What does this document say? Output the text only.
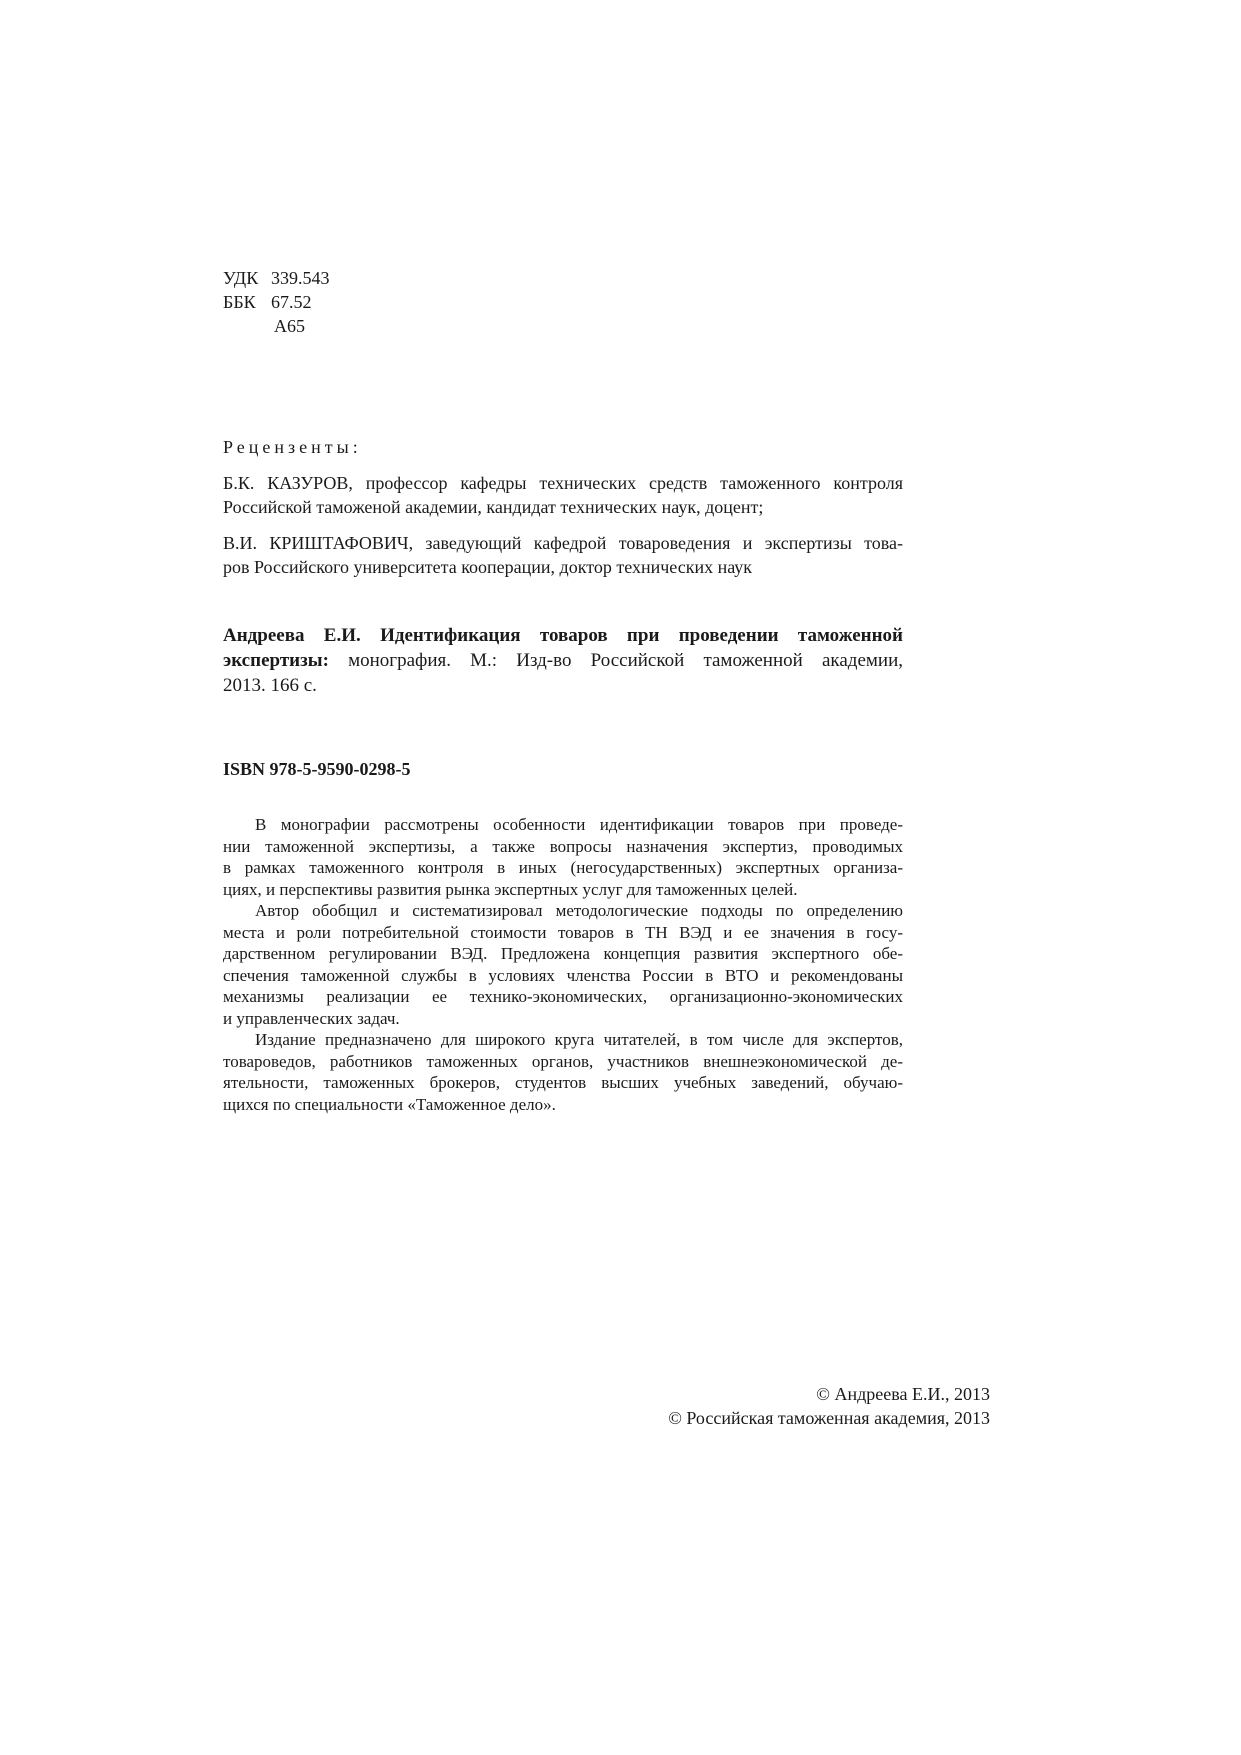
УДК 339.543
ББК 67.52
А65
Рецензенты:
Б.К. КАЗУРОВ, профессор кафедры технических средств таможенного контроля
Российской таможеной академии, кандидат технических наук, доцент;
В.И. КРИШТАФОВИЧ, заведующий кафедрой товароведения и экспертизы това-
ров Российского университета кооперации, доктор технических наук
Андреева Е.И. Идентификация товаров при проведении таможенной
экспертизы: монография. М.: Изд-во Российской таможенной академии,
2013. 166 с.
ISBN 978-5-9590-0298-5
В монографии рассмотрены особенности идентификации товаров при проведе-
нии таможенной экспертизы, а также вопросы назначения экспертиз, проводимых
в рамках таможенного контроля в иных (негосударственных) экспертных организа-
циях, и перспективы развития рынка экспертных услуг для таможенных целей.
Автор обобщил и систематизировал методологические подходы по определению
места и роли потребительной стоимости товаров в ТН ВЭД и ее значения в госу-
дарственном регулировании ВЭД. Предложена концепция развития экспертного обе-
спечения таможенной службы в условиях членства России в ВТО и рекомендованы
механизмы реализации ее технико-экономических, организационно-экономических
и управленческих задач.
Издание предназначено для широкого круга читателей, в том числе для экспертов,
товароведов, работников таможенных органов, участников внешнеэкономической де-
ятельности, таможенных брокеров, студентов высших учебных заведений, обучаю-
щихся по специальности «Таможенное дело».
© Андреева Е.И., 2013
© Российская таможенная академия, 2013
